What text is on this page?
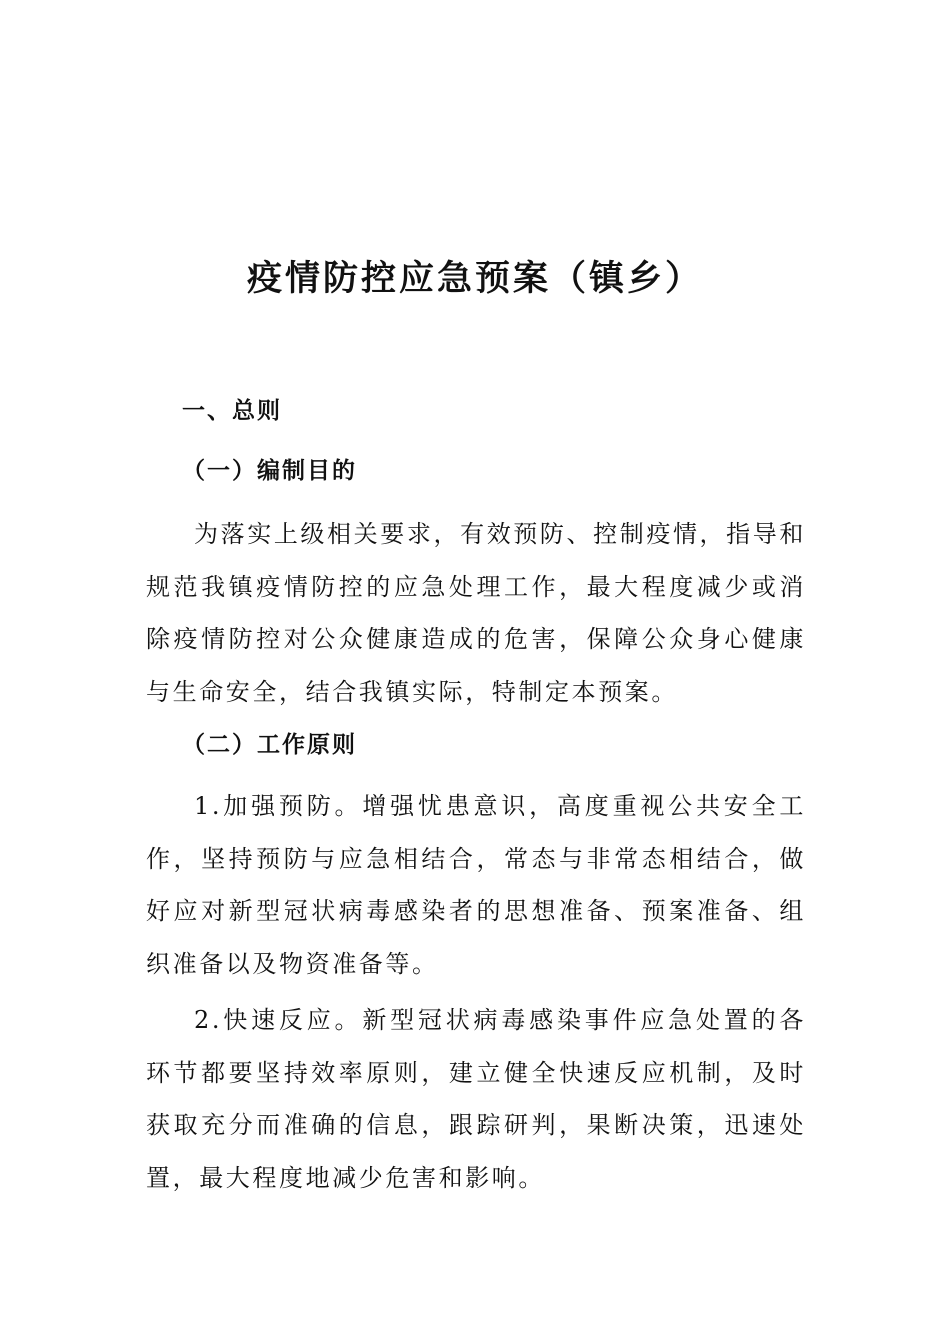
疫情防控应急预案（镇乡）
一、总则
（一）编制目的

为落实上级相关要求，有效预防、控制疫情，指导和规范我镇疫情防控的应急处理工作，最大程度减少或消除疫情防控对公众健康造成的危害，保障公众身心健康与生命安全，结合我镇实际，特制定本预案。

（二）工作原则

1.加强预防。增强忧患意识，高度重视公共安全工作，坚持预防与应急相结合，常态与非常态相结合，做好应对新型冠状病毒感染者的思想准备、预案准备、组织准备以及物资准备等。

2.快速反应。新型冠状病毒感染事件应急处置的各环节都要坚持效率原则，建立健全快速反应机制，及时获取充分而准确的信息，跟踪研判，果断决策，迅速处置，最大程度地减少危害和影响。
